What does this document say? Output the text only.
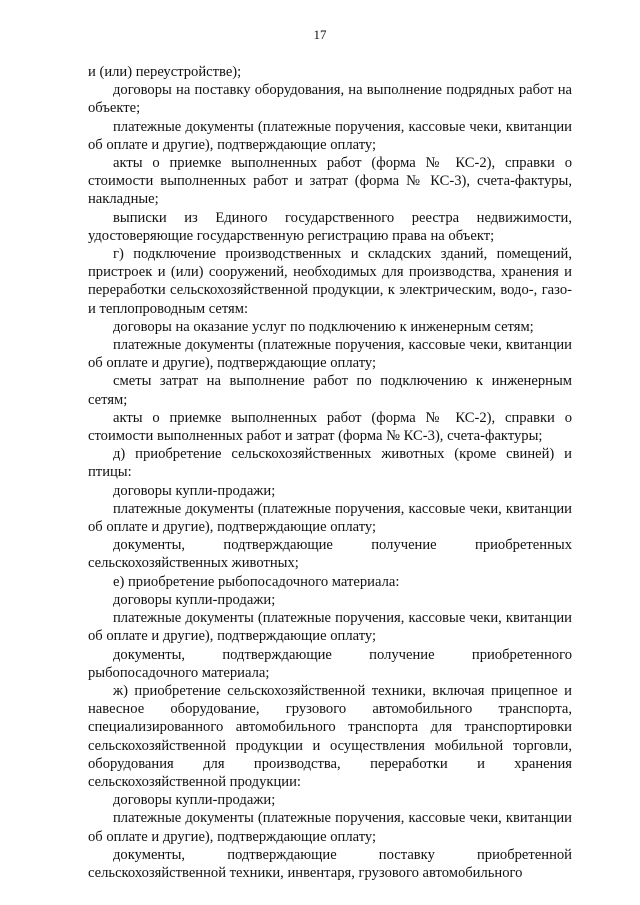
17

и (или) переустройстве);

договоры на поставку оборудования, на выполнение подрядных работ на объекте;

платежные документы (платежные поручения, кассовые чеки, квитанции об оплате и другие), подтверждающие оплату;

акты о приемке выполненных работ (форма № КС-2), справки о стоимости выполненных работ и затрат (форма № КС-3), счета-фактуры, накладные;

выписки из Единого государственного реестра недвижимости, удостоверяющие государственную регистрацию права на объект;

г) подключение производственных и складских зданий, помещений, пристроек и (или) сооружений, необходимых для производства, хранения и переработки сельскохозяйственной продукции, к электрическим, водо-, газо- и теплопроводным сетям:

договоры на оказание услуг по подключению к инженерным сетям;

платежные документы (платежные поручения, кассовые чеки, квитанции об оплате и другие), подтверждающие оплату;

сметы затрат на выполнение работ по подключению к инженерным сетям;

акты о приемке выполненных работ (форма № КС-2), справки о стоимости выполненных работ и затрат (форма № КС-3), счета-фактуры;

д) приобретение сельскохозяйственных животных (кроме свиней) и птицы:

договоры купли-продажи;

платежные документы (платежные поручения, кассовые чеки, квитанции об оплате и другие), подтверждающие оплату;

документы, подтверждающие получение приобретенных сельскохозяйственных животных;

е) приобретение рыбопосадочного материала:

договоры купли-продажи;

платежные документы (платежные поручения, кассовые чеки, квитанции об оплате и другие), подтверждающие оплату;

документы, подтверждающие получение приобретенного рыбопосадочного материала;

ж) приобретение сельскохозяйственной техники, включая прицепное и навесное оборудование, грузового автомобильного транспорта, специализированного автомобильного транспорта для транспортировки сельскохозяйственной продукции и осуществления мобильной торговли, оборудования для производства, переработки и хранения сельскохозяйственной продукции:

договоры купли-продажи;

платежные документы (платежные поручения, кассовые чеки, квитанции об оплате и другие), подтверждающие оплату;

документы, подтверждающие поставку приобретенной сельскохозяйственной техники, инвентаря, грузового автомобильного
